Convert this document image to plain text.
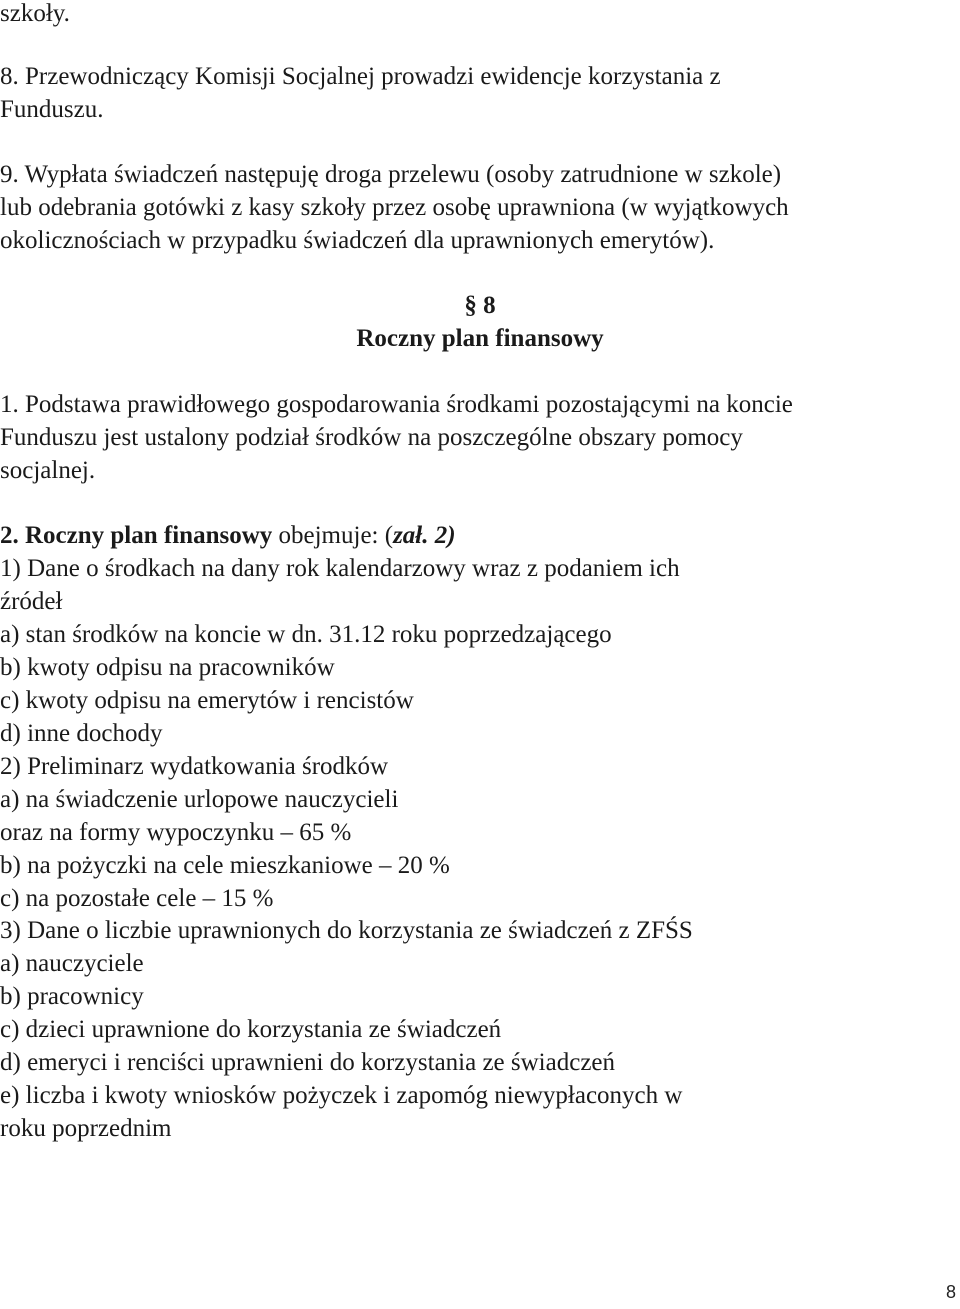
szkoły.

8. Przewodniczący Komisji Socjalnej prowadzi ewidencje korzystania z

Funduszu.

9. Wypłata świadczeń następuję droga przelewu (osoby zatrudnione w szkole)

lub odebrania gotówki z kasy szkoły przez osobę uprawniona (w wyjątkowych

okolicznościach w przypadku świadczeń dla uprawnionych emerytów).

§ 8

Roczny plan finansowy

1. Podstawa prawidłowego gospodarowania środkami pozostającymi na koncie

Funduszu jest ustalony podział środków na poszczególne obszary pomocy

socjalnej.

2. Roczny plan finansowy obejmuje: (zał. 2)

1) Dane o środkach na dany rok kalendarzowy wraz z podaniem ich

źródeł

a) stan środków na koncie w dn. 31.12 roku poprzedzającego

b) kwoty odpisu na pracowników

c) kwoty odpisu na emerytów i rencistów

d) inne dochody

2) Preliminarz wydatkowania środków

a) na świadczenie urlopowe nauczycieli

oraz na formy wypoczynku – 65 %

b) na pożyczki na cele mieszkaniowe – 20 %

c) na pozostałe cele – 15 %

3) Dane o liczbie uprawnionych do korzystania ze świadczeń z ZFŚS

a) nauczyciele

b) pracownicy

c) dzieci uprawnione do korzystania ze świadczeń

d) emeryci i renciści uprawnieni do korzystania ze świadczeń

e) liczba i kwoty wniosków pożyczek i zapomóg niewypłaconych w

roku poprzednim

8
